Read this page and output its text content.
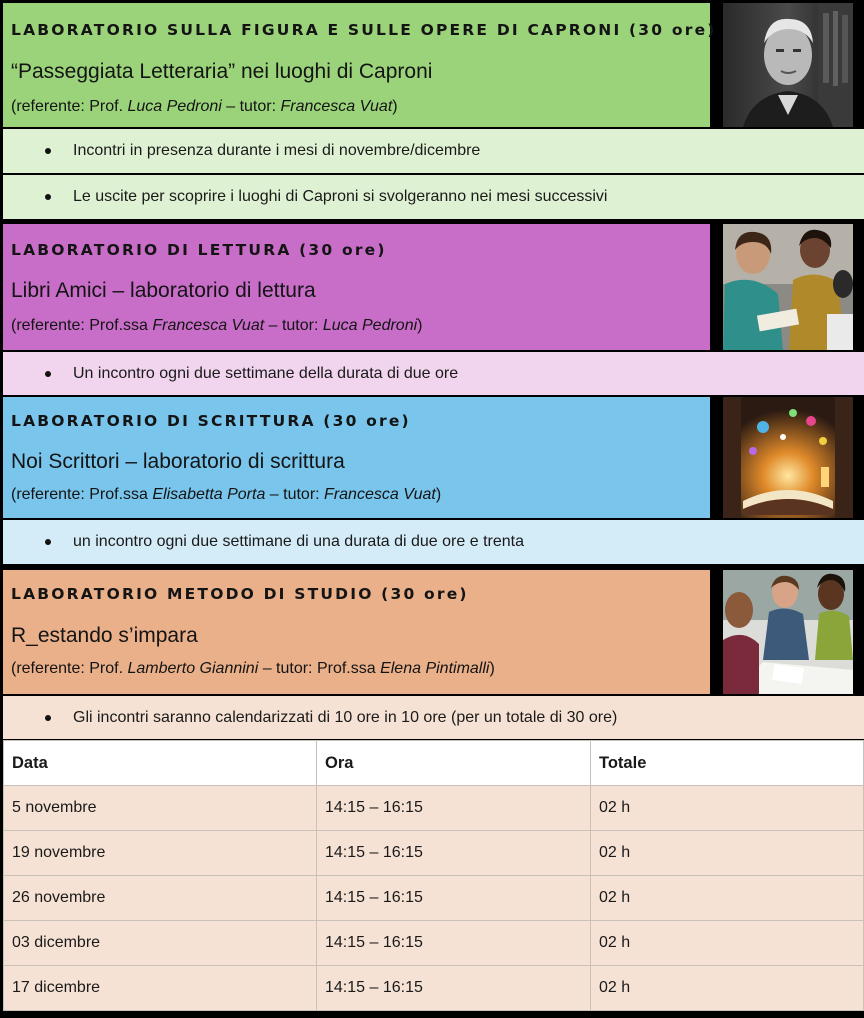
LABORATORIO SULLA FIGURA E SULLE OPERE DI CAPRONI (30 ore)
“Passeggiata Letteraria” nei luoghi di Caproni
(referente: Prof. Luca Pedroni – tutor: Francesca Vuat)
Incontri in presenza durante i mesi di novembre/dicembre
Le uscite per scoprire i luoghi di Caproni si svolgeranno nei mesi successivi
LABORATORIO DI LETTURA (30 ore)
Libri Amici – laboratorio di lettura
(referente: Prof.ssa Francesca Vuat – tutor: Luca Pedroni)
Un incontro ogni due settimane della durata di due ore
LABORATORIO DI SCRITTURA (30 ore)
Noi Scrittori – laboratorio di scrittura
(referente: Prof.ssa Elisabetta Porta – tutor: Francesca Vuat)
un incontro ogni due settimane di una durata di due ore e trenta
LABORATORIO METODO DI STUDIO (30 ore)
R_estando s’impara
(referente: Prof. Lamberto Giannini – tutor: Prof.ssa Elena Pintimalli)
Gli incontri saranno calendarizzati di 10 ore in 10 ore (per un totale di 30 ore)
Data	Ora	Totale
5 novembre	14:15 – 16:15	02 h
19 novembre	14:15 – 16:15	02 h
26 novembre	14:15 – 16:15	02 h
03 dicembre	14:15 – 16:15	02 h
17 dicembre	14:15 – 16:15	02 h
